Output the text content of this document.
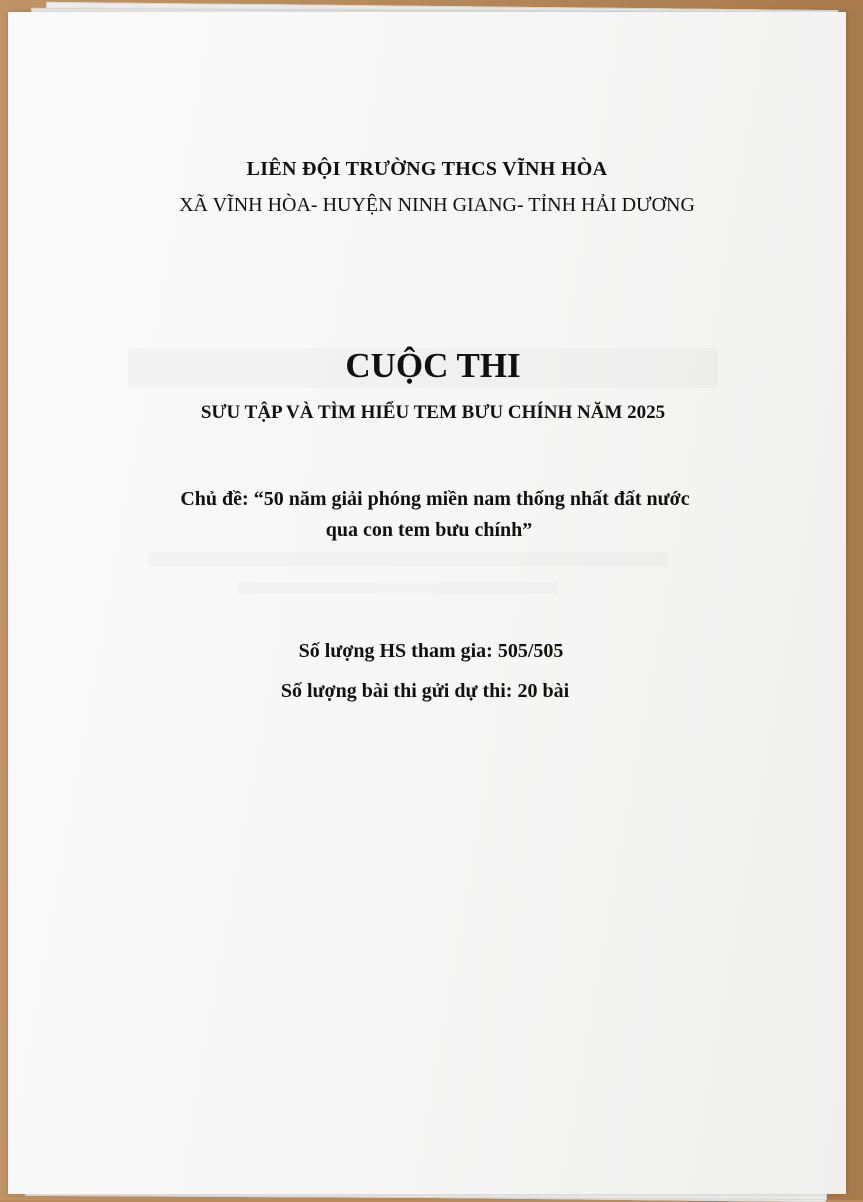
LIÊN ĐỘI TRƯỜNG THCS VĨNH HÒA
XÃ VĨNH HÒA- HUYỆN NINH GIANG- TỈNH HẢI DƯƠNG
CUỘC THI
SƯU TẬP VÀ TÌM HIỂU TEM BƯU CHÍNH NĂM 2025
Chủ đề: “50 năm giải phóng miền nam thống nhất đất nước
qua con tem bưu chính”
Số lượng HS tham gia: 505/505
Số lượng bài thi gửi dự thi: 20 bài
